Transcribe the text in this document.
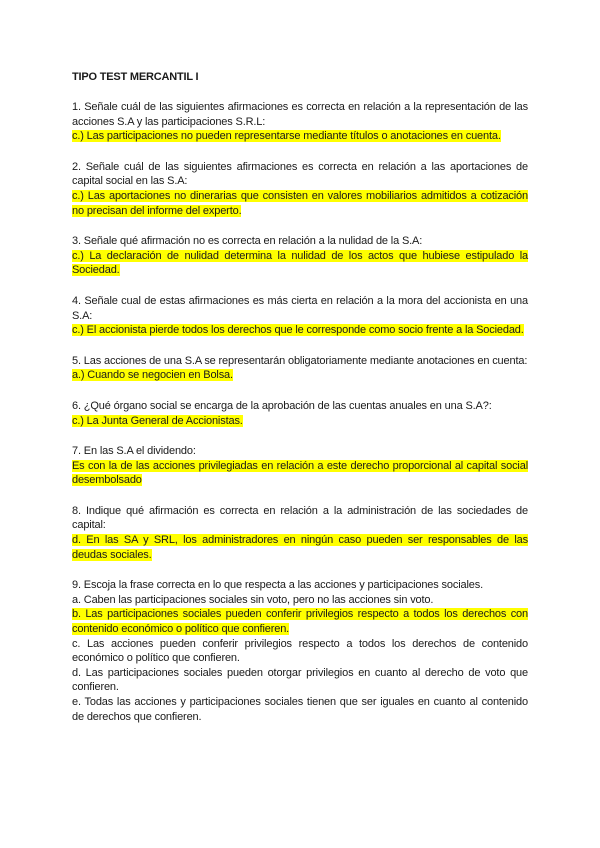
TIPO TEST MERCANTIL I

1. Señale cuál de las siguientes afirmaciones es correcta en relación a la representación de las acciones S.A y las participaciones S.R.L:

c.) Las participaciones no pueden representarse mediante títulos o anotaciones en cuenta.

2. Señale cuál de las siguientes afirmaciones es correcta en relación a las aportaciones de capital social en las S.A:

c.) Las aportaciones no dinerarias que consisten en valores mobiliarios admitidos a cotización no precisan del informe del experto.

3. Señale qué afirmación no es correcta en relación a la nulidad de la S.A:

c.) La declaración de nulidad determina la nulidad de los actos que hubiese estipulado la Sociedad.

4. Señale cual de estas afirmaciones es más cierta en relación a la mora del accionista en una S.A:

c.) El accionista pierde todos los derechos que le corresponde como socio frente a la Sociedad.

5. Las acciones de una S.A se representarán obligatoriamente mediante anotaciones en cuenta:

a.) Cuando se negocien en Bolsa.

6. ¿Qué órgano social se encarga de la aprobación de las cuentas anuales en una S.A?:

c.) La Junta General de Accionistas.

7. En las S.A el dividendo:

Es con la de las acciones privilegiadas en relación a este derecho proporcional al capital social desembolsado

8. Indique qué afirmación es correcta en relación a la administración de las sociedades de capital:

d. En las SA y SRL, los administradores en ningún caso pueden ser responsables de las deudas sociales.

9. Escoja la frase correcta en lo que respecta a las acciones y participaciones sociales.

a. Caben las participaciones sociales sin voto, pero no las acciones sin voto.

b. Las participaciones sociales pueden conferir privilegios respecto a todos los derechos con contenido económico o político que confieren.

c. Las acciones pueden conferir privilegios respecto a todos los derechos de contenido económico o político que confieren.

d. Las participaciones sociales pueden otorgar privilegios en cuanto al derecho de voto que confieren.

e. Todas las acciones y participaciones sociales tienen que ser iguales en cuanto al contenido de derechos que confieren.
